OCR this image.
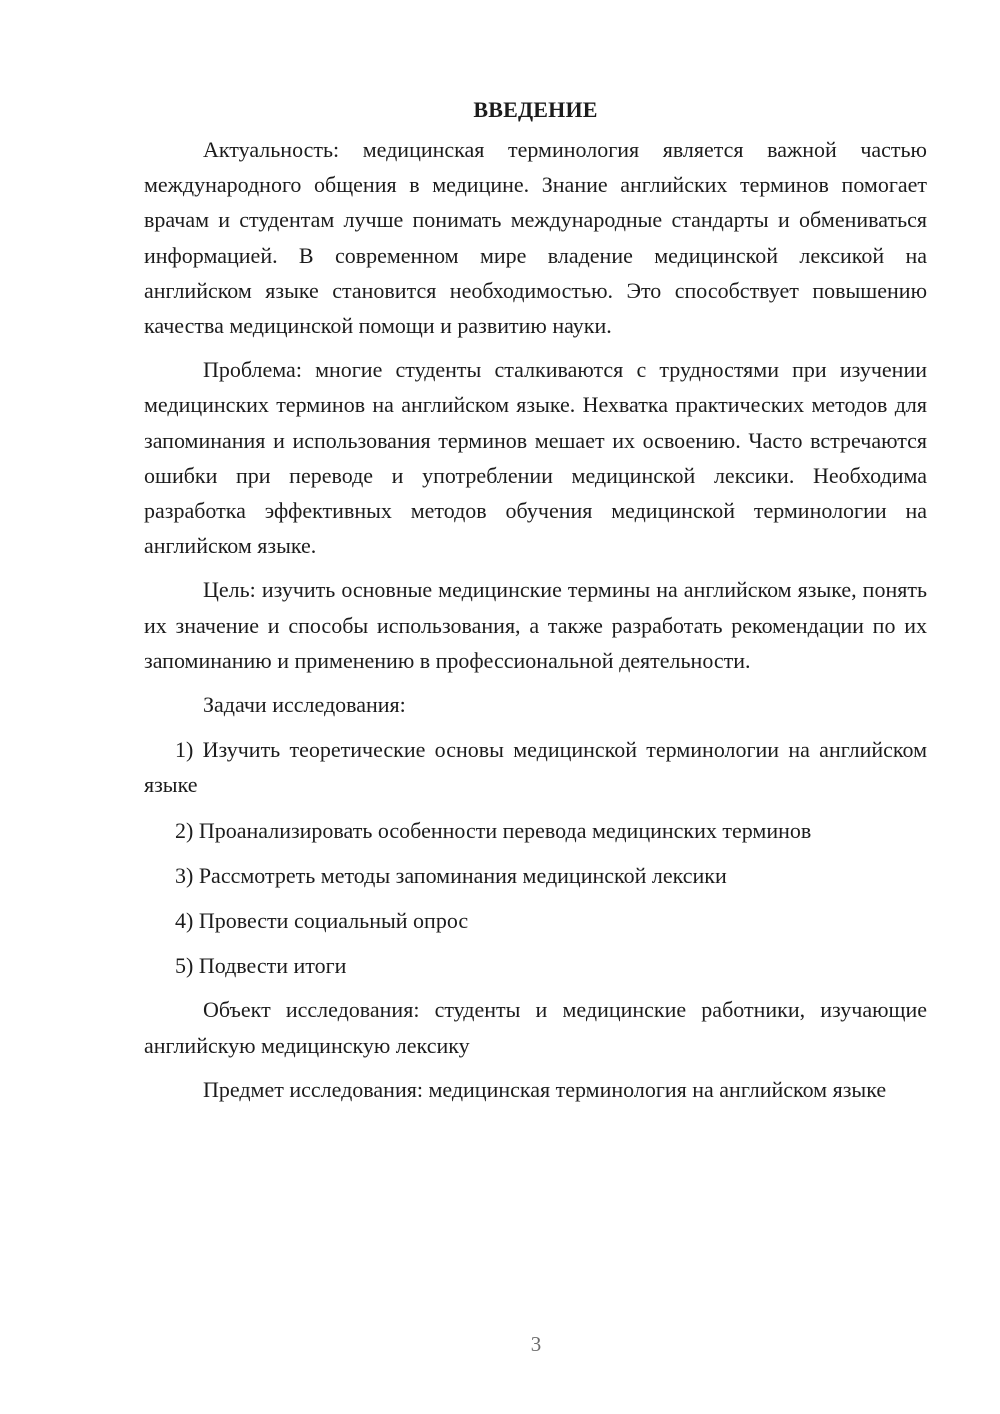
ВВЕДЕНИЕ

Актуальность: медицинская терминология является важной частью международного общения в медицине. Знание английских терминов помогает врачам и студентам лучше понимать международные стандарты и обмениваться информацией. В современном мире владение медицинской лексикой на английском языке становится необходимостью. Это способствует повышению качества медицинской помощи и развитию науки.

Проблема: многие студенты сталкиваются с трудностями при изучении медицинских терминов на английском языке. Нехватка практических методов для запоминания и использования терминов мешает их освоению. Часто встречаются ошибки при переводе и употреблении медицинской лексики. Необходима разработка эффективных методов обучения медицинской терминологии на английском языке.

Цель: изучить основные медицинские термины на английском языке, понять их значение и способы использования, а также разработать рекомендации по их запоминанию и применению в профессиональной деятельности.

Задачи исследования:

1) Изучить теоретические основы медицинской терминологии на английском языке

2) Проанализировать особенности перевода медицинских терминов

3) Рассмотреть методы запоминания медицинской лексики

4) Провести социальный опрос

5) Подвести итоги

Объект исследования: студенты и медицинские работники, изучающие английскую медицинскую лексику

Предмет исследования: медицинская терминология на английском языке

3
